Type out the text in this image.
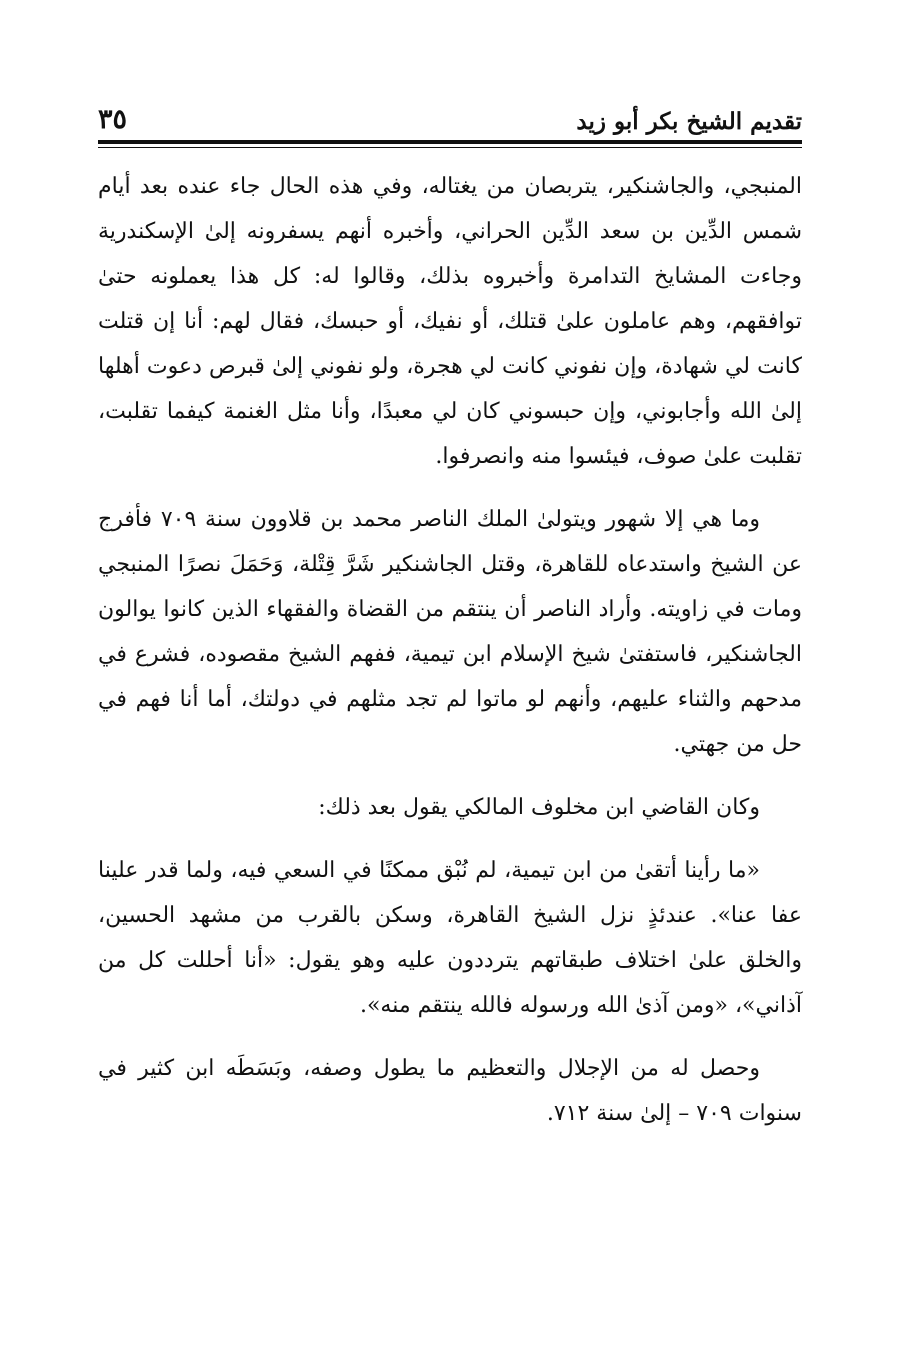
تقديم الشيخ بكر أبو زيد
٣٥

المنبجي، والجاشنكير، يتربصان من يغتاله، وفي هذه الحال جاء عنده بعد أيام شمس الدِّين بن سعد الدِّين الحراني، وأخبره أنهم يسفرونه إلىٰ الإسكندرية وجاءت المشايخ التدامرة وأخبروه بذلك، وقالوا له: كل هذا يعملونه حتىٰ توافقهم، وهم عاملون علىٰ قتلك، أو نفيك، أو حبسك، فقال لهم: أنا إن قتلت كانت لي شهادة، وإن نفوني كانت لي هجرة، ولو نفوني إلىٰ قبرص دعوت أهلها إلىٰ الله وأجابوني، وإن حبسوني كان لي معبدًا، وأنا مثل الغنمة كيفما تقلبت، تقلبت علىٰ صوف، فيئسوا منه وانصرفوا.

وما هي إلا شهور ويتولىٰ الملك الناصر محمد بن قلاوون سنة ٧٠٩ فأفرج عن الشيخ واستدعاه للقاهرة، وقتل الجاشنكير شَرَّ قِتْلة، وَحَمَلَ نصرًا المنبجي ومات في زاويته. وأراد الناصر أن ينتقم من القضاة والفقهاء الذين كانوا يوالون الجاشنكير، فاستفتىٰ شيخ الإسلام ابن تيمية، ففهم الشيخ مقصوده، فشرع في مدحهم والثناء عليهم، وأنهم لو ماتوا لم تجد مثلهم في دولتك، أما أنا فهم في حل من جهتي.

وكان القاضي ابن مخلوف المالكي يقول بعد ذلك:

«ما رأينا أتقىٰ من ابن تيمية، لم نُبْق ممكنًا في السعي فيه، ولما قدر علينا عفا عنا». عندئذٍ نزل الشيخ القاهرة، وسكن بالقرب من مشهد الحسين، والخلق علىٰ اختلاف طبقاتهم يترددون عليه وهو يقول: «أنا أحللت كل من آذاني»، «ومن آذىٰ الله ورسوله فالله ينتقم منه».

وحصل له من الإجلال والتعظيم ما يطول وصفه، وبَسَطَه ابن كثير في سنوات ٧٠٩ – إلىٰ سنة ٧١٢.
